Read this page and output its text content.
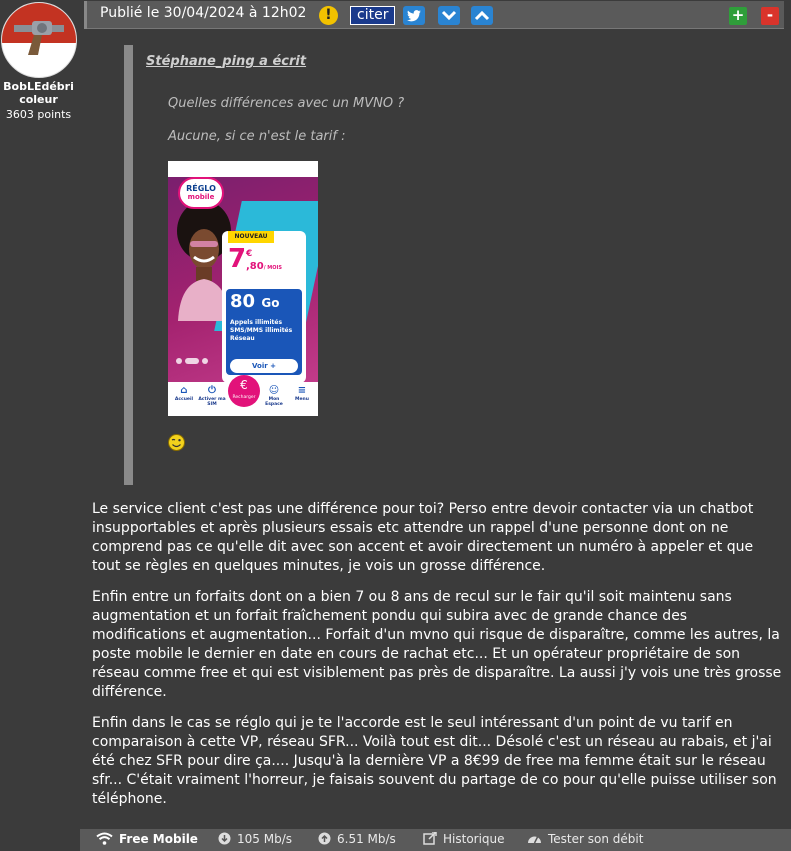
BobLEdébricoleur
3603 points
Publié le 30/04/2024 à 12h02	!	citer	+	-
Stéphane_ping a écrit
Quelles différences avec un MVNO ?
Aucune, si ce n'est le tarif :
RÉGLO
mobile
NOUVEAU
7 €
,80/ MOIS
80 Go
Appels illimités
SMS/MMS illimités
Réseau
Voir +
⌂
Accueil
⏻
Activer ma SIM
€
Recharger
☺
Mon Espace
≡
Menu

Le service client c'est pas une différence pour toi? Perso entre devoir contacter via un chatbot insupportables et après plusieurs essais etc attendre un rappel d'une personne dont on ne comprend pas ce qu'elle dit avec son accent et avoir directement un numéro à appeler et que tout se règles en quelques minutes, je vois un grosse différence.

Enfin entre un forfaits dont on a bien 7 ou 8 ans de recul sur le fair qu'il soit maintenu sans augmentation et un forfait fraîchement pondu qui subira avec de grande chance des modifications et augmentation... Forfait d'un mvno qui risque de disparaître, comme les autres, la poste mobile le dernier en date en cours de rachat etc... Et un opérateur propriétaire de son réseau comme free et qui est visiblement pas près de disparaître. La aussi j'y vois une très grosse différence.

Enfin dans le cas se réglo qui je te l'accorde est le seul intéressant d'un point de vu tarif en comparaison à cette VP, réseau SFR... Voilà tout est dit... Désolé c'est un réseau au rabais, et j'ai été chez SFR pour dire ça.... Jusqu'à la dernière VP a 8€99 de free ma femme était sur le réseau sfr... C'était vraiment l'horreur, je faisais souvent du partage de co pour qu'elle puisse utiliser son téléphone.

Free Mobile	105 Mb/s	6.51 Mb/s	Historique	Tester son débit
